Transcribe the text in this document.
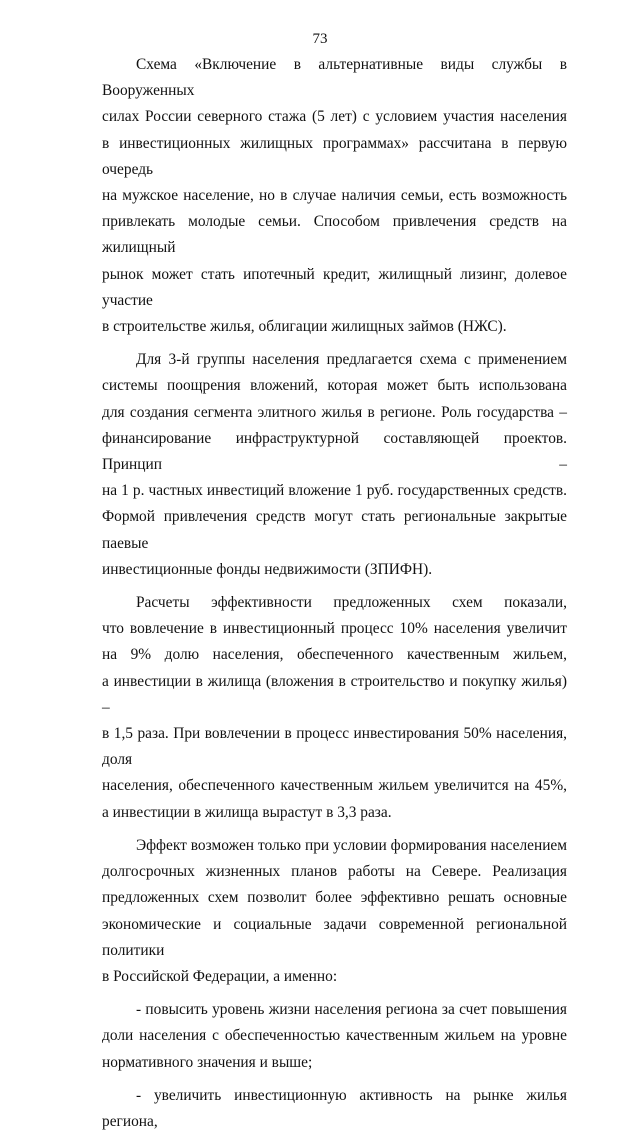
73

Схема «Включение в альтернативные виды службы в Вооруженных
силах России северного стажа (5 лет) с условием участия населения
в инвестиционных жилищных программах» рассчитана в первую очередь
на мужское население, но в случае наличия семьи, есть возможность
привлекать молодые семьи. Способом привлечения средств на жилищный
рынок может стать ипотечный кредит, жилищный лизинг, долевое участие
в строительстве жилья, облигации жилищных займов (НЖС).

Для 3-й группы населения предлагается схема с применением
системы поощрения вложений, которая может быть использована
для создания сегмента элитного жилья в регионе. Роль государства –
финансирование инфраструктурной составляющей проектов. Принцип –
на 1 р. частных инвестиций вложение 1 руб. государственных средств.
Формой привлечения средств могут стать региональные закрытые паевые
инвестиционные фонды недвижимости (ЗПИФН).

Расчеты эффективности предложенных схем показали,
что вовлечение в инвестиционный процесс 10% населения увеличит
на 9% долю населения, обеспеченного качественным жильем,
а инвестиции в жилища (вложения в строительство и покупку жилья) –
в 1,5 раза. При вовлечении в процесс инвестирования 50% населения, доля
населения, обеспеченного качественным жильем увеличится на 45%,
а инвестиции в жилища вырастут в 3,3 раза.

Эффект возможен только при условии формирования населением
долгосрочных жизненных планов работы на Севере. Реализация
предложенных схем позволит более эффективно решать основные
экономические и социальные задачи современной региональной политики
в Российской Федерации, а именно:

- повысить уровень жизни населения региона за счет повышения
доли населения с обеспеченностью качественным жильем на уровне
нормативного значения и выше;

- увеличить инвестиционную активность на рынке жилья региона,
